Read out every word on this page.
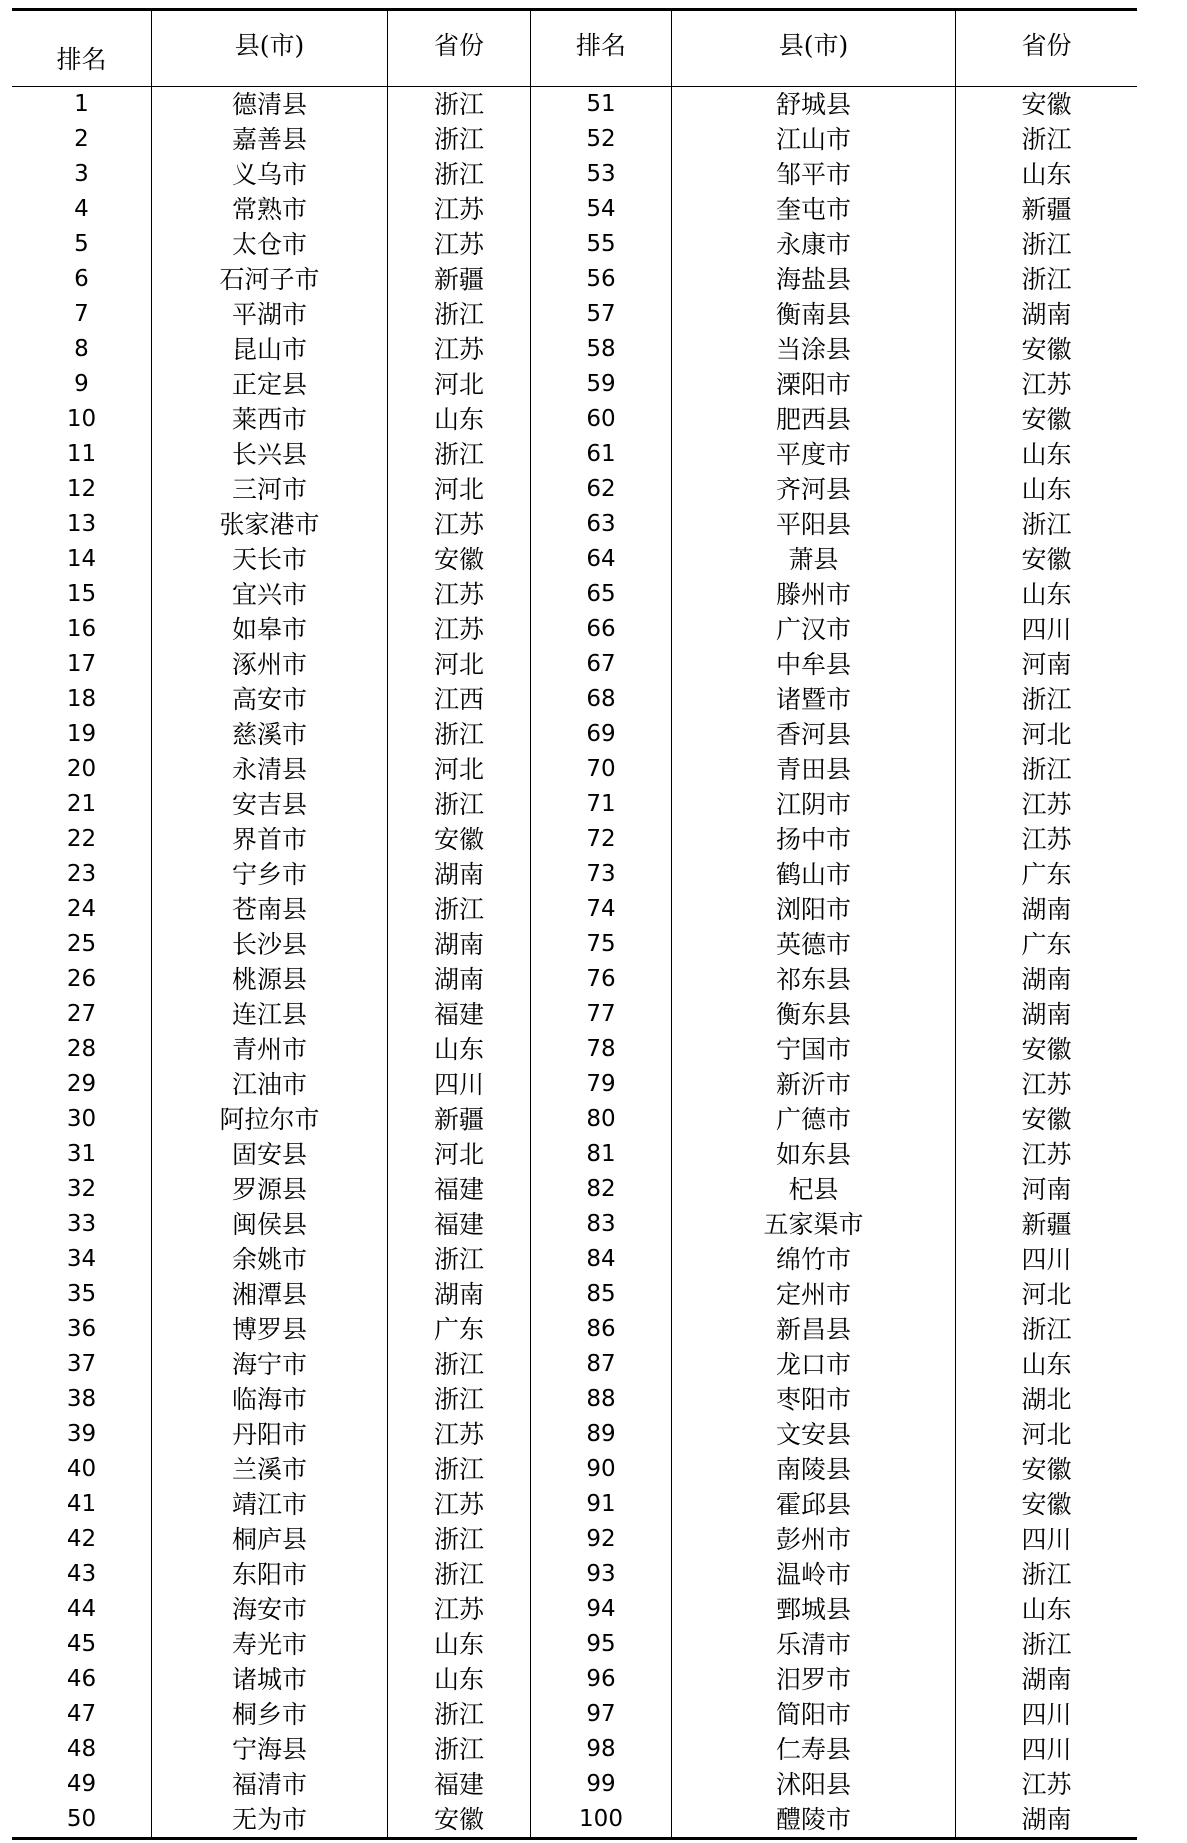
排名	县(市)	省份	排名	县(市)	省份
1	德清县	浙江	51	舒城县	安徽
2	嘉善县	浙江	52	江山市	浙江
3	义乌市	浙江	53	邹平市	山东
4	常熟市	江苏	54	奎屯市	新疆
5	太仓市	江苏	55	永康市	浙江
6	石河子市	新疆	56	海盐县	浙江
7	平湖市	浙江	57	衡南县	湖南
8	昆山市	江苏	58	当涂县	安徽
9	正定县	河北	59	溧阳市	江苏
10	莱西市	山东	60	肥西县	安徽
11	长兴县	浙江	61	平度市	山东
12	三河市	河北	62	齐河县	山东
13	张家港市	江苏	63	平阳县	浙江
14	天长市	安徽	64	萧县	安徽
15	宜兴市	江苏	65	滕州市	山东
16	如皋市	江苏	66	广汉市	四川
17	涿州市	河北	67	中牟县	河南
18	高安市	江西	68	诸暨市	浙江
19	慈溪市	浙江	69	香河县	河北
20	永清县	河北	70	青田县	浙江
21	安吉县	浙江	71	江阴市	江苏
22	界首市	安徽	72	扬中市	江苏
23	宁乡市	湖南	73	鹤山市	广东
24	苍南县	浙江	74	浏阳市	湖南
25	长沙县	湖南	75	英德市	广东
26	桃源县	湖南	76	祁东县	湖南
27	连江县	福建	77	衡东县	湖南
28	青州市	山东	78	宁国市	安徽
29	江油市	四川	79	新沂市	江苏
30	阿拉尔市	新疆	80	广德市	安徽
31	固安县	河北	81	如东县	江苏
32	罗源县	福建	82	杞县	河南
33	闽侯县	福建	83	五家渠市	新疆
34	余姚市	浙江	84	绵竹市	四川
35	湘潭县	湖南	85	定州市	河北
36	博罗县	广东	86	新昌县	浙江
37	海宁市	浙江	87	龙口市	山东
38	临海市	浙江	88	枣阳市	湖北
39	丹阳市	江苏	89	文安县	河北
40	兰溪市	浙江	90	南陵县	安徽
41	靖江市	江苏	91	霍邱县	安徽
42	桐庐县	浙江	92	彭州市	四川
43	东阳市	浙江	93	温岭市	浙江
44	海安市	江苏	94	鄄城县	山东
45	寿光市	山东	95	乐清市	浙江
46	诸城市	山东	96	汨罗市	湖南
47	桐乡市	浙江	97	简阳市	四川
48	宁海县	浙江	98	仁寿县	四川
49	福清市	福建	99	沭阳县	江苏
50	无为市	安徽	100	醴陵市	湖南
